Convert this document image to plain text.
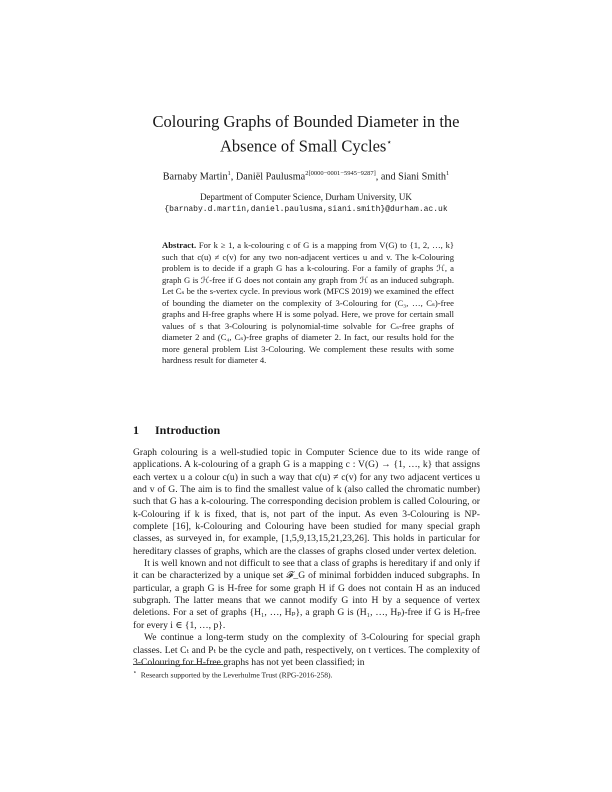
Colouring Graphs of Bounded Diameter in the
Absence of Small Cycles⋆
Barnaby Martin$^1$, Daniël Paulusma$^{2[0000-0001-5945-9287]}$, and Siani Smith$^1$
Department of Computer Science, Durham University, UK
{barnaby.d.martin,daniel.paulusma,siani.smith}@durham.ac.uk
Abstract. For k ≥ 1, a k-colouring c of G is a mapping from V(G) to {1, 2, …, k} such that c(u) ≠ c(v) for any two non-adjacent vertices u and v. The k-Colouring problem is to decide if a graph G has a k-colouring. For a family of graphs ℋ, a graph G is ℋ-free if G does not contain any graph from ℋ as an induced subgraph. Let Cₛ be the s-vertex cycle. In previous work (MFCS 2019) we examined the effect of bounding the diameter on the complexity of 3-Colouring for (C₃, …, Cₛ)-free graphs and H-free graphs where H is some polyad. Here, we prove for certain small values of s that 3-Colouring is polynomial-time solvable for Cₛ-free graphs of diameter 2 and (C₄, Cₛ)-free graphs of diameter 2. In fact, our results hold for the more general problem List 3-Colouring. We complement these results with some hardness result for diameter 4.
1 Introduction

Graph colouring is a well-studied topic in Computer Science due to its wide range of applications. A k-colouring of a graph G is a mapping c : V(G) → {1, …, k} that assigns each vertex u a colour c(u) in such a way that c(u) ≠ c(v) for any two adjacent vertices u and v of G. The aim is to find the smallest value of k (also called the chromatic number) such that G has a k-colouring. The corresponding decision problem is called Colouring, or k-Colouring if k is fixed, that is, not part of the input. As even 3-Colouring is NP-complete [16], k-Colouring and Colouring have been studied for many special graph classes, as surveyed in, for example, [1,5,9,13,15,21,23,26]. This holds in particular for hereditary classes of graphs, which are the classes of graphs closed under vertex deletion.

It is well known and not difficult to see that a class of graphs is hereditary if and only if it can be characterized by a unique set 𝓕_G of minimal forbidden induced subgraphs. In particular, a graph G is H-free for some graph H if G does not contain H as an induced subgraph. The latter means that we cannot modify G into H by a sequence of vertex deletions. For a set of graphs {H₁, …, Hₚ}, a graph G is (H₁, …, Hₚ)-free if G is Hᵢ-free for every i ∈ {1, …, p}.

We continue a long-term study on the complexity of 3-Colouring for special graph classes. Let Cₜ and Pₜ be the cycle and path, respectively, on t vertices. The complexity of 3-Colouring for H-free graphs has not yet been classified; in

⋆ Research supported by the Leverhulme Trust (RPG-2016-258).
